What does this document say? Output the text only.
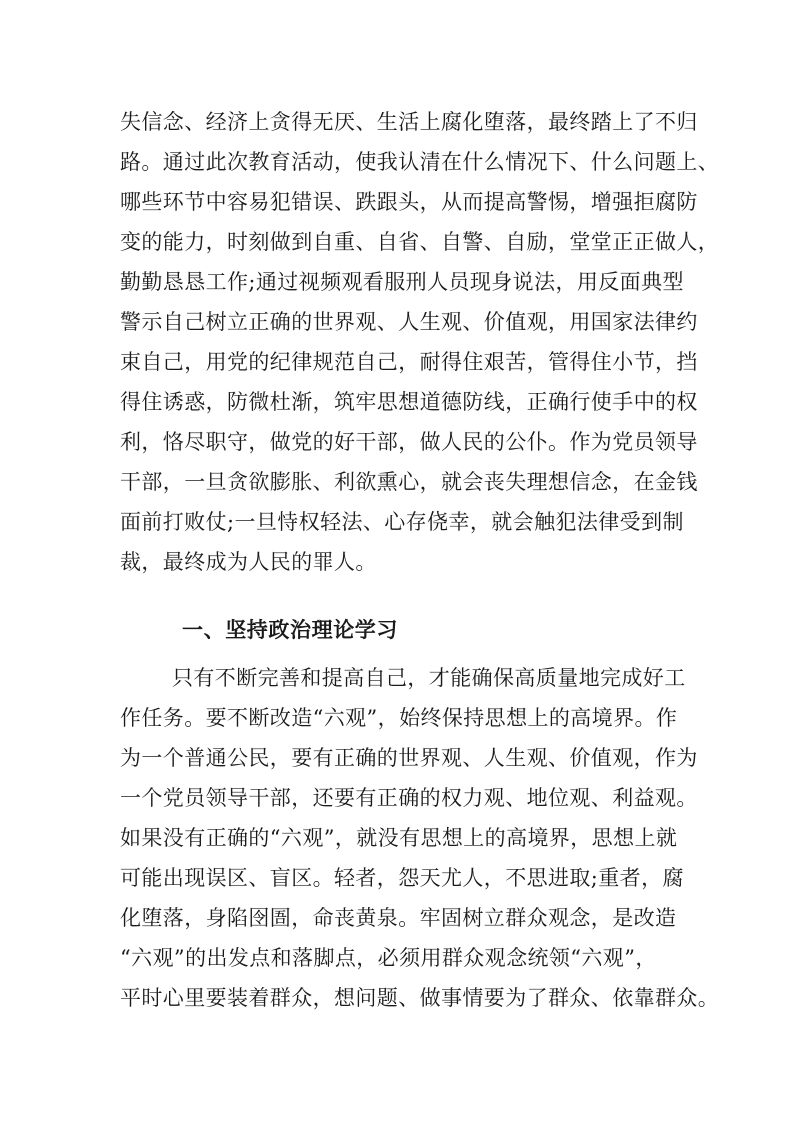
失信念、经济上贪得无厌、生活上腐化堕落，最终踏上了不归
路。通过此次教育活动，使我认清在什么情况下、什么问题上、
哪些环节中容易犯错误、跌跟头，从而提高警惕，增强拒腐防
变的能力，时刻做到自重、自省、自警、自励，堂堂正正做人，
勤勤恳恳工作;通过视频观看服刑人员现身说法，用反面典型
警示自己树立正确的世界观、人生观、价值观，用国家法律约
束自己，用党的纪律规范自己，耐得住艰苦，管得住小节，挡
得住诱惑，防微杜渐，筑牢思想道德防线，正确行使手中的权
利，恪尽职守，做党的好干部，做人民的公仆。作为党员领导
干部，一旦贪欲膨胀、利欲熏心，就会丧失理想信念，在金钱
面前打败仗;一旦恃权轻法、心存侥幸，就会触犯法律受到制
裁，最终成为人民的罪人。
一、坚持政治理论学习
只有不断完善和提高自己，才能确保高质量地完成好工
作任务。要不断改造“六观”，始终保持思想上的高境界。作
为一个普通公民，要有正确的世界观、人生观、价值观，作为
一个党员领导干部，还要有正确的权力观、地位观、利益观。
如果没有正确的“六观”，就没有思想上的高境界，思想上就
可能出现误区、盲区。轻者，怨天尤人，不思进取;重者，腐
化堕落，身陷囹圄，命丧黄泉。牢固树立群众观念，是改造
“六观”的出发点和落脚点，必须用群众观念统领“六观”，
平时心里要装着群众，想问题、做事情要为了群众、依靠群众。
